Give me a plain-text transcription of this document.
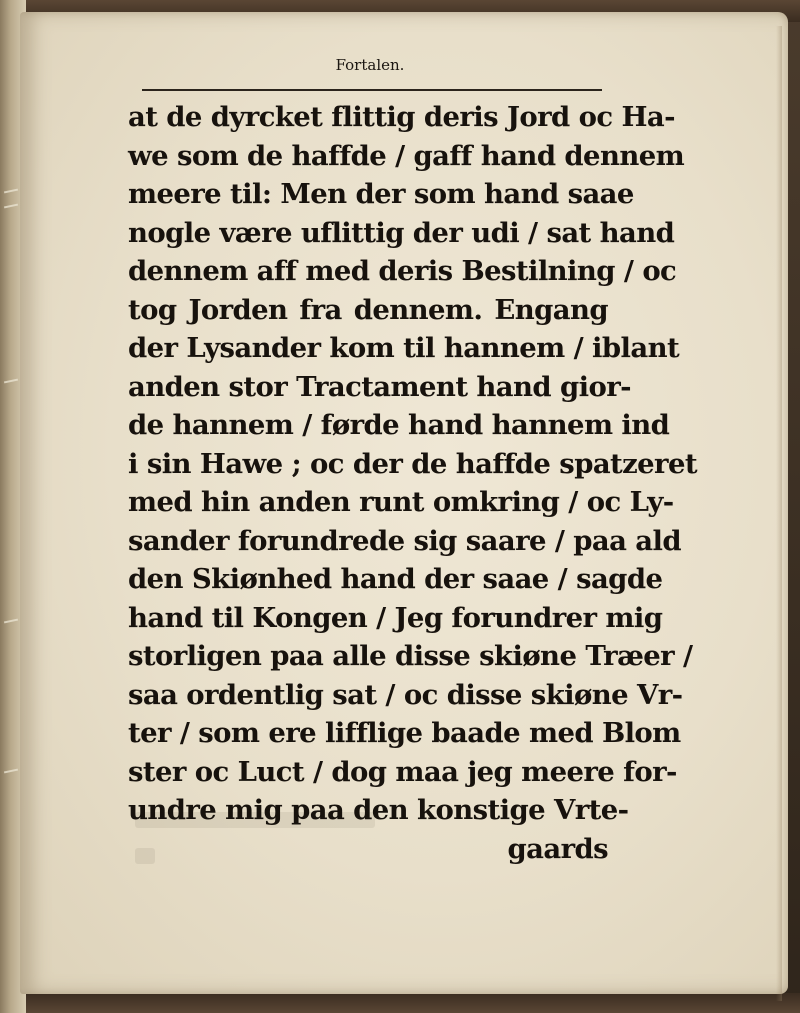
Fortalen.
at de dyrcket flittig deris Jord oc Ha-
we som de haffde / gaff hand dennem
meere til: Men der som hand saae
nogle være uflittig der udi / sat hand
dennem aff med deris Bestilning / oc
tog Jorden fra dennem. Engang
der Lysander kom til hannem / iblant
anden stor Tractament hand gior-
de hannem / førde hand hannem ind
i sin Hawe ; oc der de haffde spatzeret
med hin anden runt omkring / oc Ly-
sander forundrede sig saare / paa ald
den Skiønhed hand der saae / sagde
hand til Kongen / Jeg forundrer mig
storligen paa alle disse skiøne Træer /
saa ordentlig sat / oc disse skiøne Vr-
ter / som ere lifflige baade med Blom
ster oc Luct / dog maa jeg meere for-
undre mig paa den konstige Vrte-
gaards
